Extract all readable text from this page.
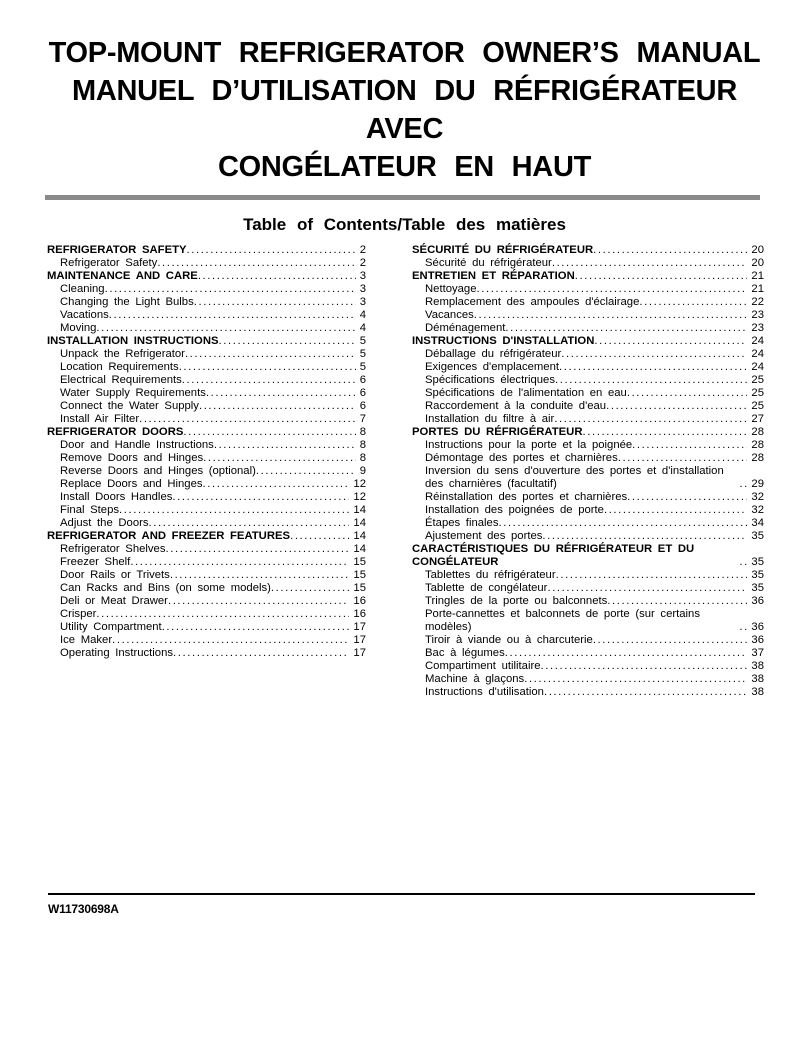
TOP-MOUNT REFRIGERATOR OWNER’S MANUAL
MANUEL D’UTILISATION DU RÉFRIGÉRATEUR AVEC
CONGÉLATEUR EN HAUT
Table of Contents/Table des matières
REFRIGERATOR SAFETY .....	2
Refrigerator Safety .....	2
MAINTENANCE AND CARE .....	3
Cleaning .....	3
Changing the Light Bulbs .....	3
Vacations .....	4
Moving .....	4
INSTALLATION INSTRUCTIONS .....	5
Unpack the Refrigerator .....	5
Location Requirements .....	5
Electrical Requirements .....	6
Water Supply Requirements .....	6
Connect the Water Supply .....	6
Install Air Filter .....	7
REFRIGERATOR DOORS .....	8
Door and Handle Instructions .....	8
Remove Doors and Hinges .....	8
Reverse Doors and Hinges (optional) .....	9
Replace Doors and Hinges .....	12
Install Doors Handles .....	12
Final Steps .....	14
Adjust the Doors .....	14
REFRIGERATOR AND FREEZER FEATURES .....	14
Refrigerator Shelves .....	14
Freezer Shelf .....	15
Door Rails or Trivets .....	15
Can Racks and Bins (on some models) .....	15
Deli or Meat Drawer .....	16
Crisper .....	16
Utility Compartment .....	17
Ice Maker .....	17
Operating Instructions .....	17
SÉCURITÉ DU RÉFRIGÉRATEUR .....	20
Sécurité du réfrigérateur .....	20
ENTRETIEN ET RÉPARATION .....	21
Nettoyage .....	21
Remplacement des ampoules d'éclairage .....	22
Vacances .....	23
Déménagement .....	23
INSTRUCTIONS D'INSTALLATION .....	24
Déballage du réfrigérateur .....	24
Exigences d'emplacement .....	24
Spécifications électriques .....	25
Spécifications de l'alimentation en eau .....	25
Raccordement à la conduite d'eau .....	25
Installation du filtre à air .....	27
PORTES DU RÉFRIGÉRATEUR .....	28
Instructions pour la porte et la poignée .....	28
Démontage des portes et charnières .....	28
Inversion du sens d'ouverture des portes et d'installation des charnières (facultatif) .....	29
Réinstallation des portes et charnières .....	32
Installation des poignées de porte .....	32
Étapes finales .....	34
Ajustement des portes .....	35
CARACTÉRISTIQUES DU RÉFRIGÉRATEUR ET DU CONGÉLATEUR .....	35
Tablettes du réfrigérateur .....	35
Tablette de congélateur .....	35
Tringles de la porte ou balconnets .....	36
Porte-cannettes et balconnets de porte (sur certains modèles) .....	36
Tiroir à viande ou à charcuterie .....	36
Bac à légumes .....	37
Compartiment utilitaire .....	38
Machine à glaçons .....	38
Instructions d'utilisation .....	38
W11730698A
